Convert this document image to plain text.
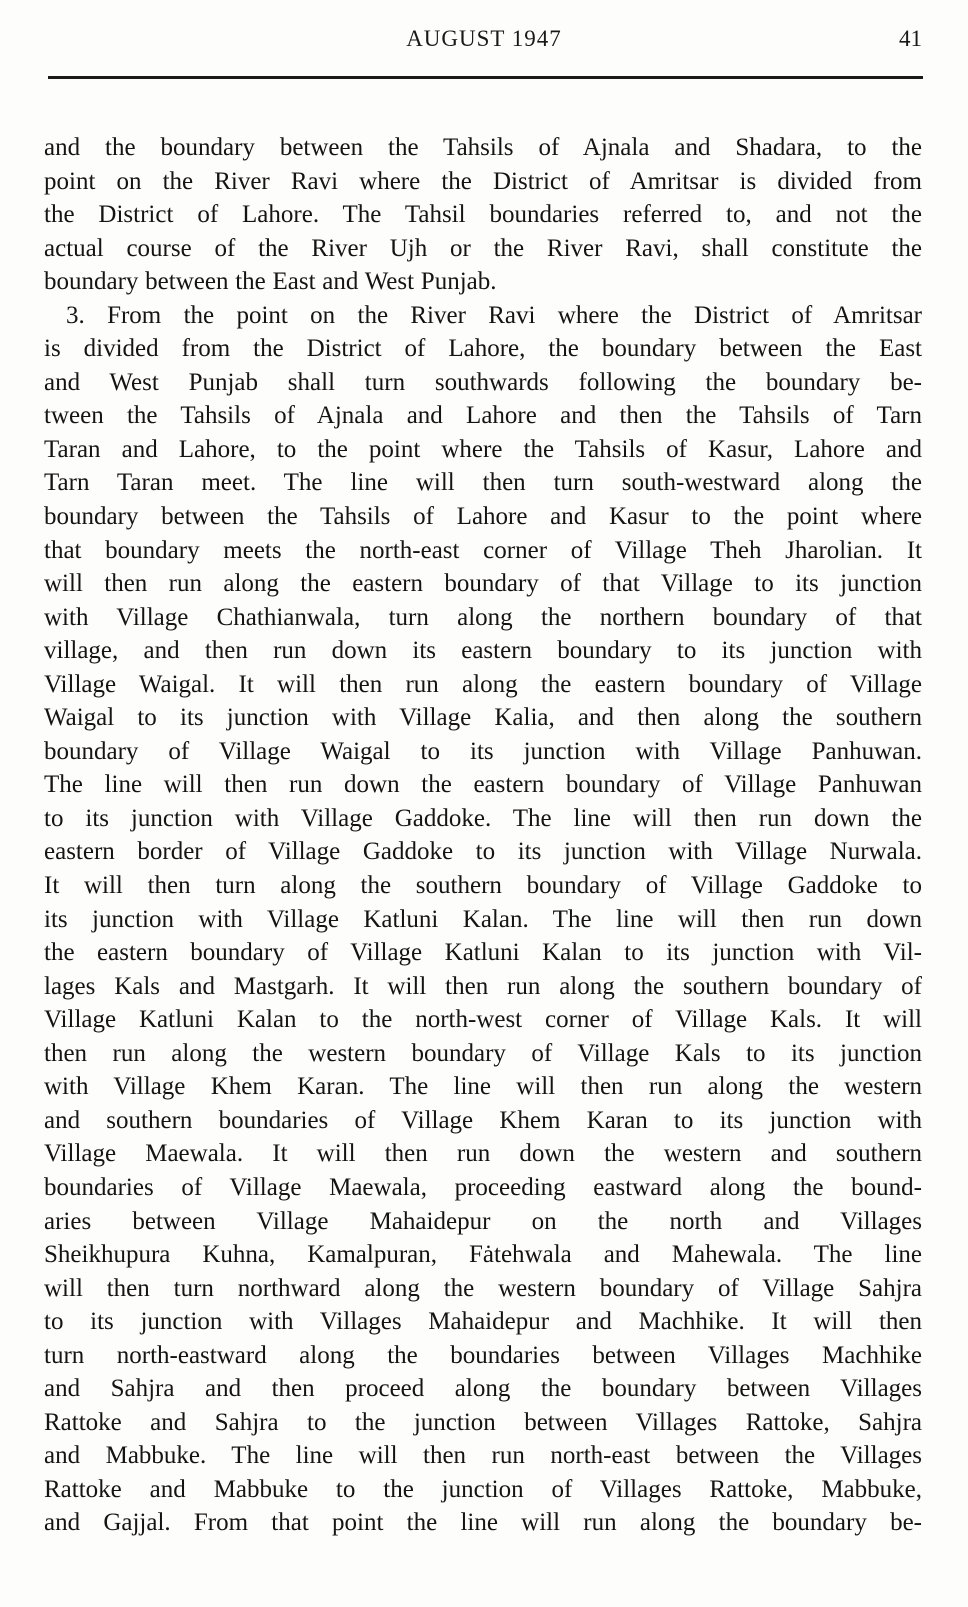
AUGUST 1947	41
and the boundary between the Tahsils of Ajnala and Shadara, to the
point on the River Ravi where the District of Amritsar is divided from
the District of Lahore. The Tahsil boundaries referred to, and not the
actual course of the River Ujh or the River Ravi, shall constitute the
boundary between the East and West Punjab.
3. From the point on the River Ravi where the District of Amritsar
is divided from the District of Lahore, the boundary between the East
and West Punjab shall turn southwards following the boundary be-
tween the Tahsils of Ajnala and Lahore and then the Tahsils of Tarn
Taran and Lahore, to the point where the Tahsils of Kasur, Lahore and
Tarn Taran meet. The line will then turn south-westward along the
boundary between the Tahsils of Lahore and Kasur to the point where
that boundary meets the north-east corner of Village Theh Jharolian. It
will then run along the eastern boundary of that Village to its junction
with Village Chathianwala, turn along the northern boundary of that
village, and then run down its eastern boundary to its junction with
Village Waigal. It will then run along the eastern boundary of Village
Waigal to its junction with Village Kalia, and then along the southern
boundary of Village Waigal to its junction with Village Panhuwan.
The line will then run down the eastern boundary of Village Panhuwan
to its junction with Village Gaddoke. The line will then run down the
eastern border of Village Gaddoke to its junction with Village Nurwala.
It will then turn along the southern boundary of Village Gaddoke to
its junction with Village Katluni Kalan. The line will then run down
the eastern boundary of Village Katluni Kalan to its junction with Vil-
lages Kals and Mastgarh. It will then run along the southern boundary of
Village Katluni Kalan to the north-west corner of Village Kals. It will
then run along the western boundary of Village Kals to its junction
with Village Khem Karan. The line will then run along the western
and southern boundaries of Village Khem Karan to its junction with
Village Maewala. It will then run down the western and southern
boundaries of Village Maewala, proceeding eastward along the bound-
aries between Village Mahaidepur on the north and Villages
Sheikhupura Kuhna, Kamalpuran, Fȧtehwala and Mahewala. The line
will then turn northward along the western boundary of Village Sahjra
to its junction with Villages Mahaidepur and Machhike. It will then
turn north-eastward along the boundaries between Villages Machhike
and Sahjra and then proceed along the boundary between Villages
Rattoke and Sahjra to the junction between Villages Rattoke, Sahjra
and Mabbuke. The line will then run north-east between the Villages
Rattoke and Mabbuke to the junction of Villages Rattoke, Mabbuke,
and Gajjal. From that point the line will run along the boundary be-
